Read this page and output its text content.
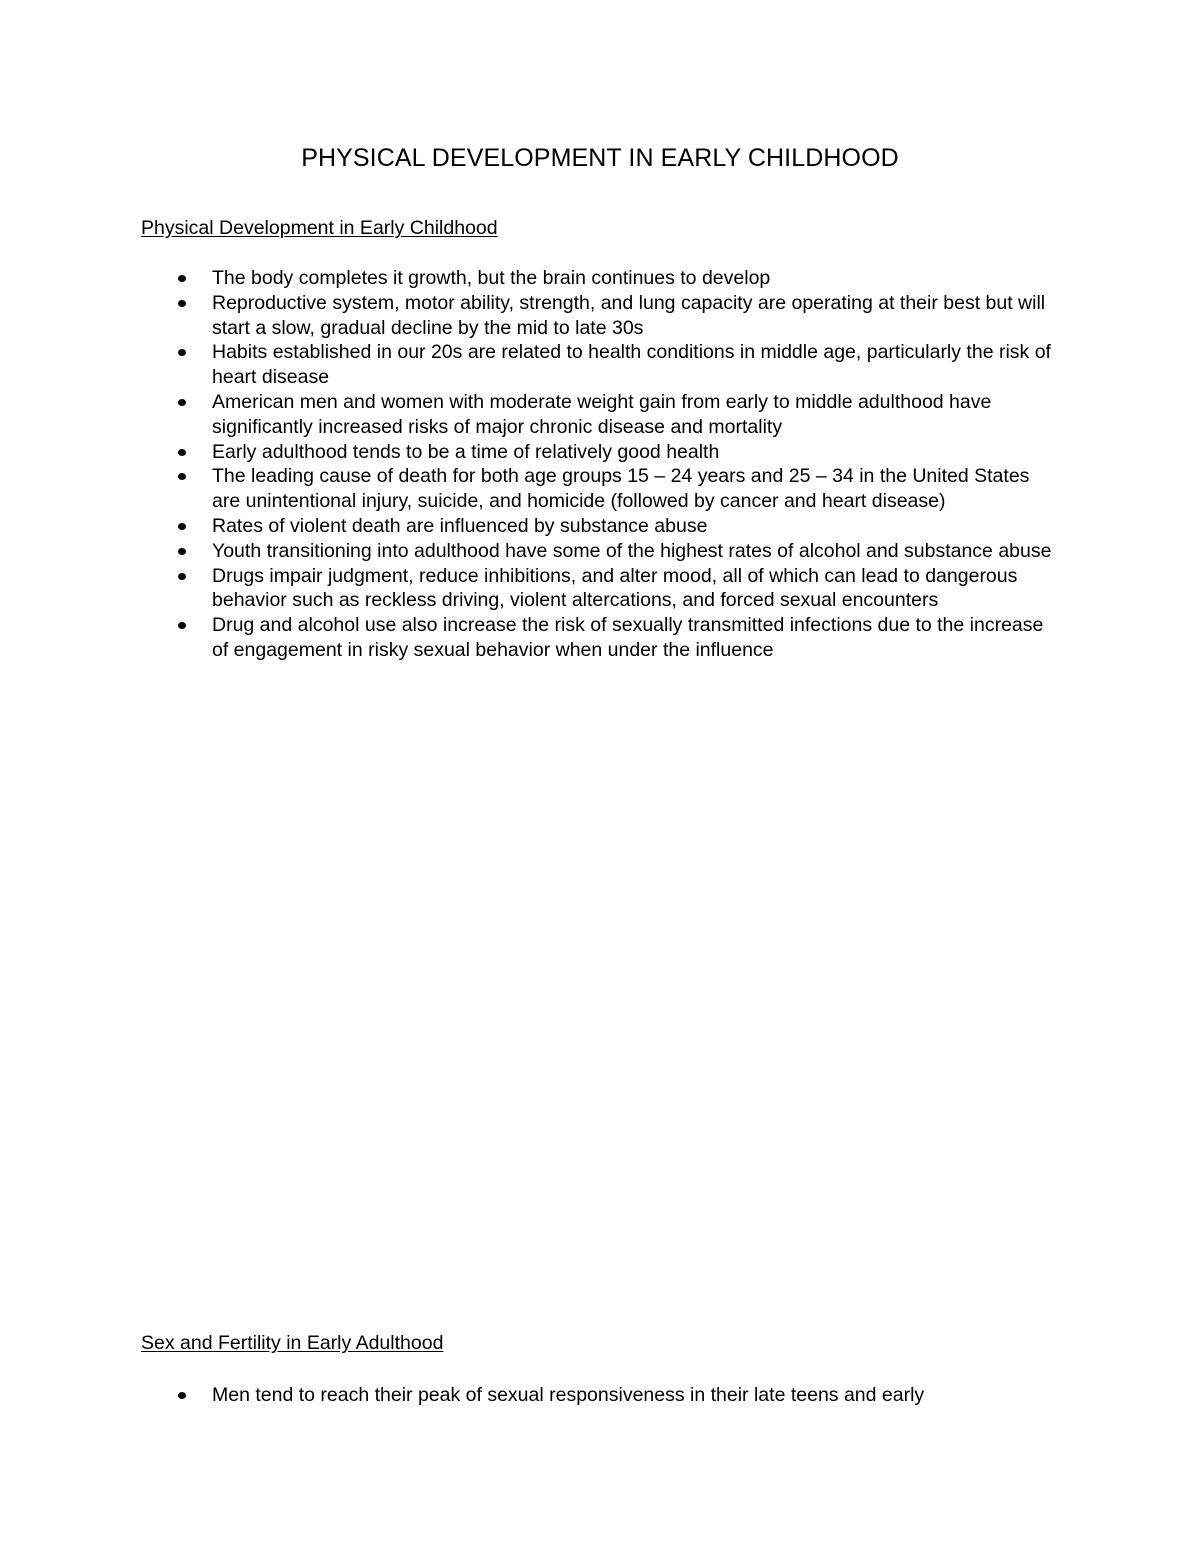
PHYSICAL DEVELOPMENT IN EARLY CHILDHOOD
Physical Development in Early Childhood
The body completes it growth, but the brain continues to develop
Reproductive system, motor ability, strength, and lung capacity are operating at their best but will start a slow, gradual decline by the mid to late 30s
Habits established in our 20s are related to health conditions in middle age, particularly the risk of heart disease
American men and women with moderate weight gain from early to middle adulthood have significantly increased risks of major chronic disease and mortality
Early adulthood tends to be a time of relatively good health
The leading cause of death for both age groups 15 – 24 years and 25 – 34 in the United States are unintentional injury, suicide, and homicide (followed by cancer and heart disease)
Rates of violent death are influenced by substance abuse
Youth transitioning into adulthood have some of the highest rates of alcohol and substance abuse
Drugs impair judgment, reduce inhibitions, and alter mood, all of which can lead to dangerous behavior such as reckless driving, violent altercations, and forced sexual encounters
Drug and alcohol use also increase the risk of sexually transmitted infections due to the increase of engagement in risky sexual behavior when under the influence
Sex and Fertility in Early Adulthood
Men tend to reach their peak of sexual responsiveness in their late teens and early
